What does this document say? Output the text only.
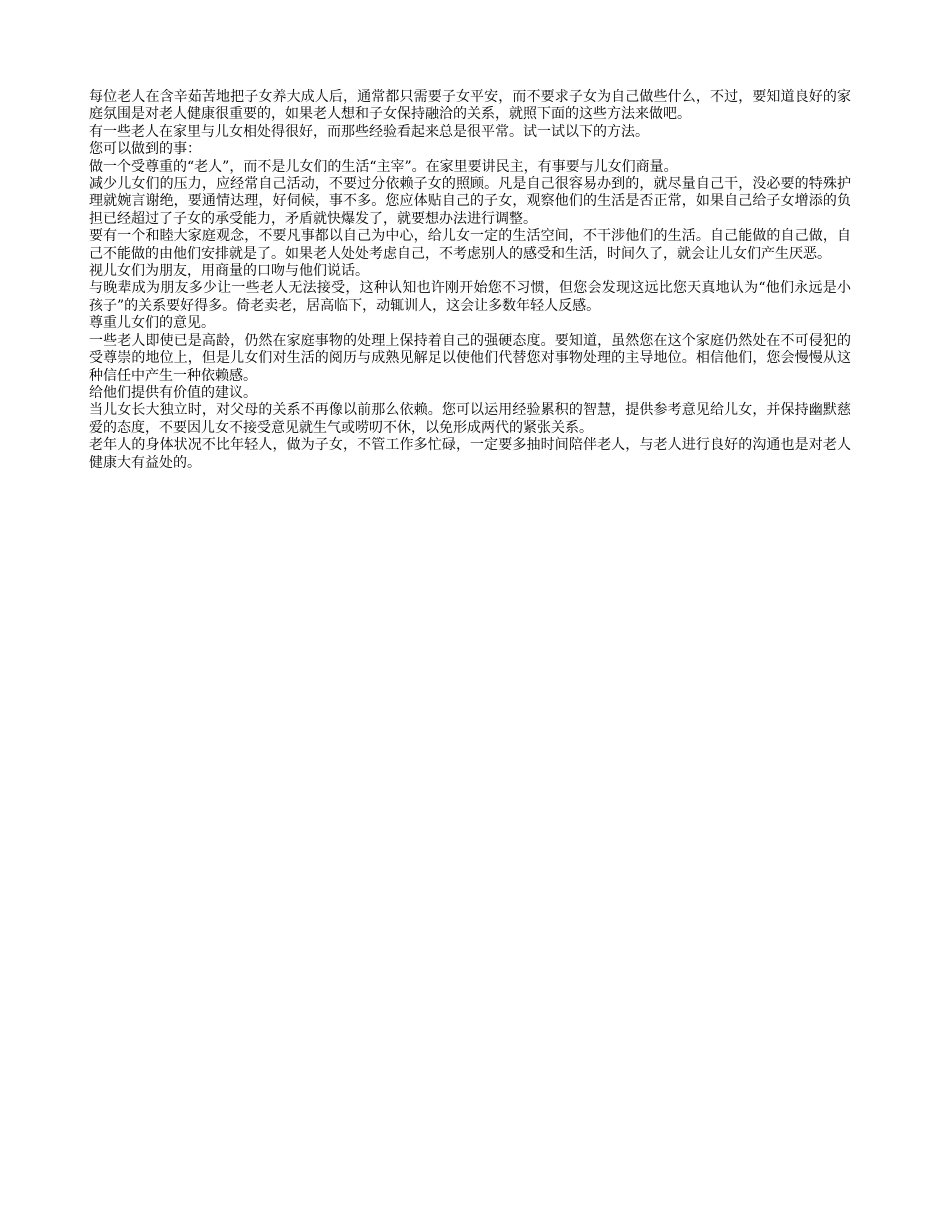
每位老人在含辛茹苦地把子女养大成人后，通常都只需要子女平安，而不要求子女为自己做些什么，不过，要知道良好的家庭氛围是对老人健康很重要的，如果老人想和子女保持融洽的关系，就照下面的这些方法来做吧。

有一些老人在家里与儿女相处得很好，而那些经验看起来总是很平常。试一试以下的方法。

您可以做到的事：

做一个受尊重的“老人”，而不是儿女们的生活“主宰”。在家里要讲民主，有事要与儿女们商量。

减少儿女们的压力，应经常自己活动，不要过分依赖子女的照顾。凡是自己很容易办到的，就尽量自己干，没必要的特殊护理就婉言谢绝，要通情达理，好伺候，事不多。您应体贴自己的子女，观察他们的生活是否正常，如果自己给子女增添的负担已经超过了子女的承受能力，矛盾就快爆发了，就要想办法进行调整。

要有一个和睦大家庭观念，不要凡事都以自己为中心，给儿女一定的生活空间，不干涉他们的生活。自己能做的自己做，自己不能做的由他们安排就是了。如果老人处处考虑自己，不考虑别人的感受和生活，时间久了，就会让儿女们产生厌恶。

视儿女们为朋友，用商量的口吻与他们说话。

与晚辈成为朋友多少让一些老人无法接受，这种认知也许刚开始您不习惯，但您会发现这远比您天真地认为“他们永远是小孩子”的关系要好得多。倚老卖老，居高临下，动辄训人，这会让多数年轻人反感。

尊重儿女们的意见。

一些老人即使已是高龄，仍然在家庭事物的处理上保持着自己的强硬态度。要知道，虽然您在这个家庭仍然处在不可侵犯的受尊崇的地位上，但是儿女们对生活的阅历与成熟见解足以使他们代替您对事物处理的主导地位。相信他们，您会慢慢从这种信任中产生一种依赖感。

给他们提供有价值的建议。

当儿女长大独立时，对父母的关系不再像以前那么依赖。您可以运用经验累积的智慧，提供参考意见给儿女，并保持幽默慈爱的态度，不要因儿女不接受意见就生气或唠叨不休，以免形成两代的紧张关系。

老年人的身体状况不比年轻人，做为子女，不管工作多忙碌，一定要多抽时间陪伴老人，与老人进行良好的沟通也是对老人健康大有益处的。
